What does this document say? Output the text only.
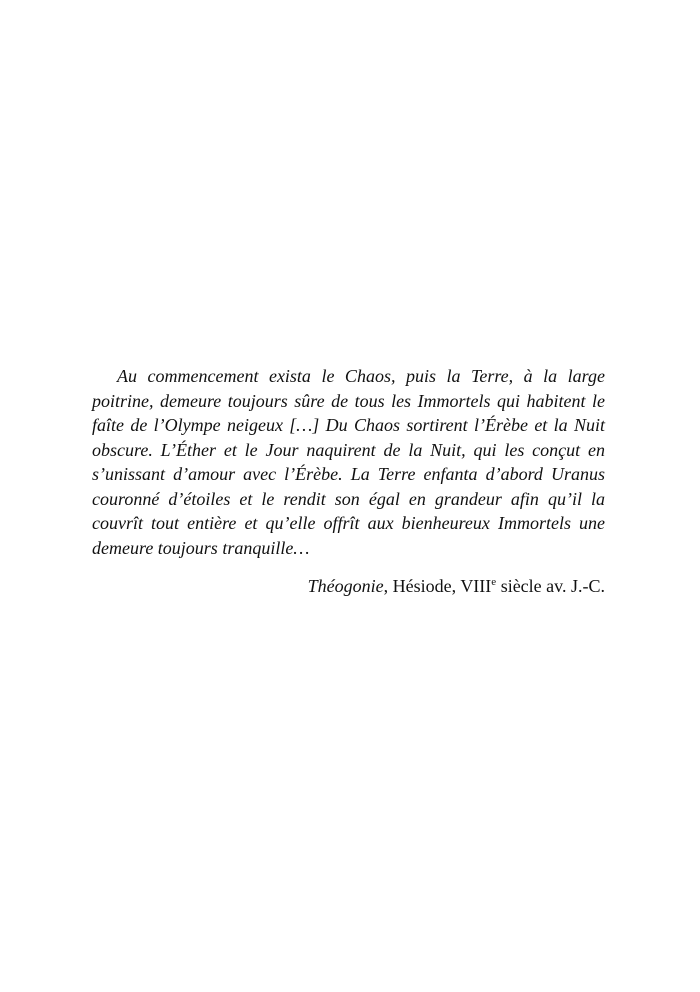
Au commencement exista le Chaos, puis la Terre, à la large poitrine, demeure toujours sûre de tous les Immortels qui habitent le faîte de l’Olympe neigeux […] Du Chaos sortirent l’Érèbe et la Nuit obscure. L’Éther et le Jour naquirent de la Nuit, qui les conçut en s’unissant d’amour avec l’Érèbe. La Terre enfanta d’abord Uranus couronné d’étoiles et le rendit son égal en grandeur afin qu’il la couvrît tout entière et qu’elle offrît aux bienheureux Immortels une demeure toujours tranquille…

Théogonie, Hésiode, VIIIe siècle av. J.-C.
